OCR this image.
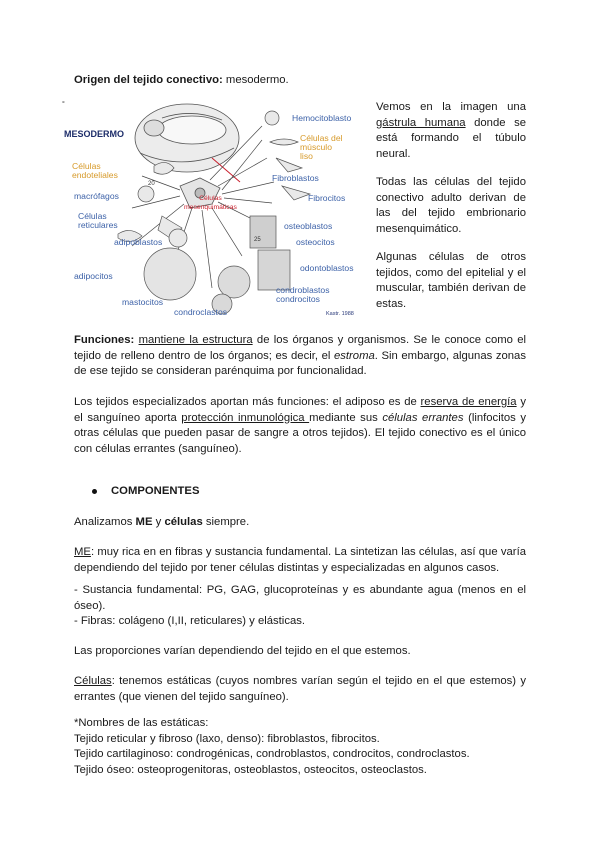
Origen del tejido conectivo: mesodermo.

°
MESODERMO
Hemocitoblasto
Células del
músculo
liso
Fibroblastos
Fibrocitos
Células
endoteliales
macrófagos	Células
mesenquimáticas
Células
reticulares	osteoblastos
osteocitos
adipoblastos
odontoblastos
adipocitos
condroblastos
condrocitos
mastocitos
condroclastos	Kastr. 1988
20
25
Vemos en la imagen una gástrula humana donde se está formando el túbulo neural.
Todas las células del tejido conectivo adulto derivan de las del tejido embrionario mesenquimático.
Algunas células de otros tejidos, como del epitelial y el muscular, también derivan de estas.
Funciones: mantiene la estructura de los órganos y organismos. Se le conoce como el tejido de relleno dentro de los órganos; es decir, el estroma. Sin embargo, algunas zonas de ese tejido se consideran parénquima por funcionalidad.
Los tejidos especializados aportan más funciones: el adiposo es de reserva de energía y el sanguíneo aporta protección inmunológica mediante sus células errantes (linfocitos y otras células que pueden pasar de sangre a otros tejidos). El tejido conectivo es el único con células errantes (sanguíneo).
COMPONENTES
Analizamos ME y células siempre.
ME: muy rica en en fibras y sustancia fundamental. La sintetizan las células, así que varía dependiendo del tejido por tener células distintas y especializadas en algunos casos.
- Sustancia fundamental: PG, GAG, glucoproteínas y es abundante agua (menos en el óseo).
- Fibras: colágeno (I,II, reticulares) y elásticas.
Las proporciones varían dependiendo del tejido en el que estemos.
Células: tenemos estáticas (cuyos nombres varían según el tejido en el que estemos) y errantes (que vienen del tejido sanguíneo).
*Nombres de las estáticas:
Tejido reticular y fibroso (laxo, denso): fibroblastos, fibrocitos.
Tejido cartilaginoso: condrogénicas, condroblastos, condrocitos, condroclastos.
Tejido óseo: osteoprogenitoras, osteoblastos, osteocitos, osteoclastos.
